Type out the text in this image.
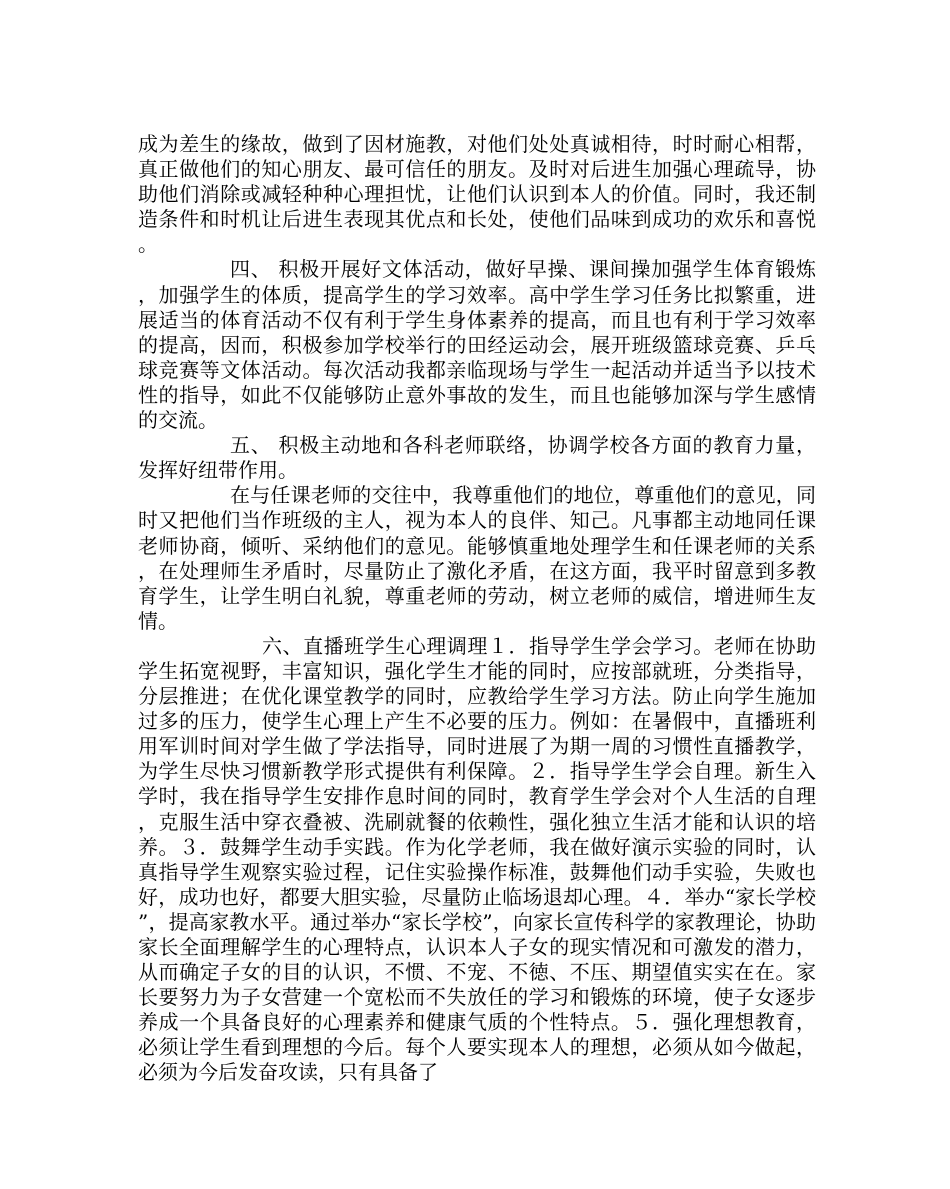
成为差生的缘故，做到了因材施教，对他们处处真诚相待，时时耐心相帮，真正做他们的知心朋友、最可信任的朋友。及时对后进生加强心理疏导，协助他们消除或减轻种种心理担忧，让他们认识到本人的价值。同时，我还制造条件和时机让后进生表现其优点和长处，使他们品味到成功的欢乐和喜悦。

四、 积极开展好文体活动，做好早操、课间操加强学生体育锻炼，加强学生的体质，提高学生的学习效率。高中学生学习任务比拟繁重，进展适当的体育活动不仅有利于学生身体素养的提高，而且也有利于学习效率的提高，因而，积极参加学校举行的田经运动会，展开班级篮球竞赛、乒乓球竞赛等文体活动。每次活动我都亲临现场与学生一起活动并适当予以技术性的指导，如此不仅能够防止意外事故的发生，而且也能够加深与学生感情的交流。

五、 积极主动地和各科老师联络，协调学校各方面的教育力量，发挥好纽带作用。

在与任课老师的交往中，我尊重他们的地位，尊重他们的意见，同时又把他们当作班级的主人，视为本人的良伴、知己。凡事都主动地同任课老师协商，倾听、采纳他们的意见。能够慎重地处理学生和任课老师的关系，在处理师生矛盾时，尽量防止了激化矛盾，在这方面，我平时留意到多教育学生，让学生明白礼貌，尊重老师的劳动，树立老师的威信，增进师生友情。

六、直播班学生心理调理１．指导学生学会学习。老师在协助学生拓宽视野，丰富知识，强化学生才能的同时，应按部就班，分类指导，分层推进；在优化课堂教学的同时，应教给学生学习方法。防止向学生施加过多的压力，使学生心理上产生不必要的压力。例如：在暑假中，直播班利用军训时间对学生做了学法指导，同时进展了为期一周的习惯性直播教学，为学生尽快习惯新教学形式提供有利保障。２．指导学生学会自理。新生入学时，我在指导学生安排作息时间的同时，教育学生学会对个人生活的自理，克服生活中穿衣叠被、洗刷就餐的依赖性，强化独立生活才能和认识的培养。３．鼓舞学生动手实践。作为化学老师，我在做好演示实验的同时，认真指导学生观察实验过程，记住实验操作标准，鼓舞他们动手实验，失败也好，成功也好，都要大胆实验，尽量防止临场退却心理。４．举办“家长学校”，提高家教水平。通过举办“家长学校”，向家长宣传科学的家教理论，协助家长全面理解学生的心理特点，认识本人子女的现实情况和可激发的潜力，从而确定子女的目的认识，不惯、不宠、不徳、不压、期望值实实在在。家长要努力为子女营建一个宽松而不失放任的学习和锻炼的环境，使子女逐步养成一个具备良好的心理素养和健康气质的个性特点。５．强化理想教育，必须让学生看到理想的今后。每个人要实现本人的理想，必须从如今做起，必须为今后发奋攻读，只有具备了
